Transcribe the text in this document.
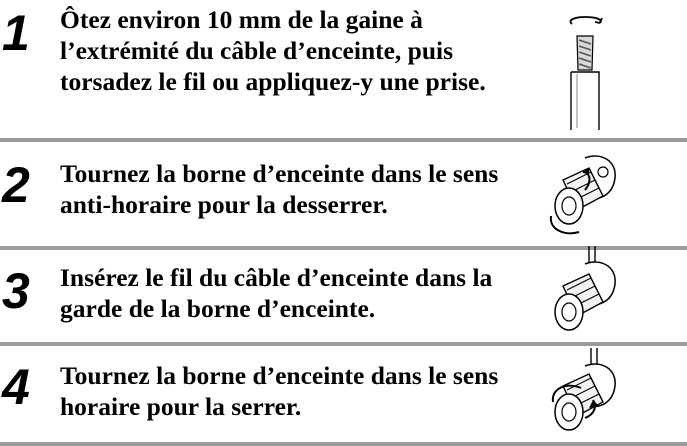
1 Ôtez environ 10 mm de la gaine à l’extrémité du câble d’enceinte, puis torsadez le fil ou appliquez-y une prise.
2 Tournez la borne d’enceinte dans le sens anti-horaire pour la desserrer.
3 Insérez le fil du câble d’enceinte dans la garde de la borne d’enceinte.
4 Tournez la borne d’enceinte dans le sens horaire pour la serrer.
